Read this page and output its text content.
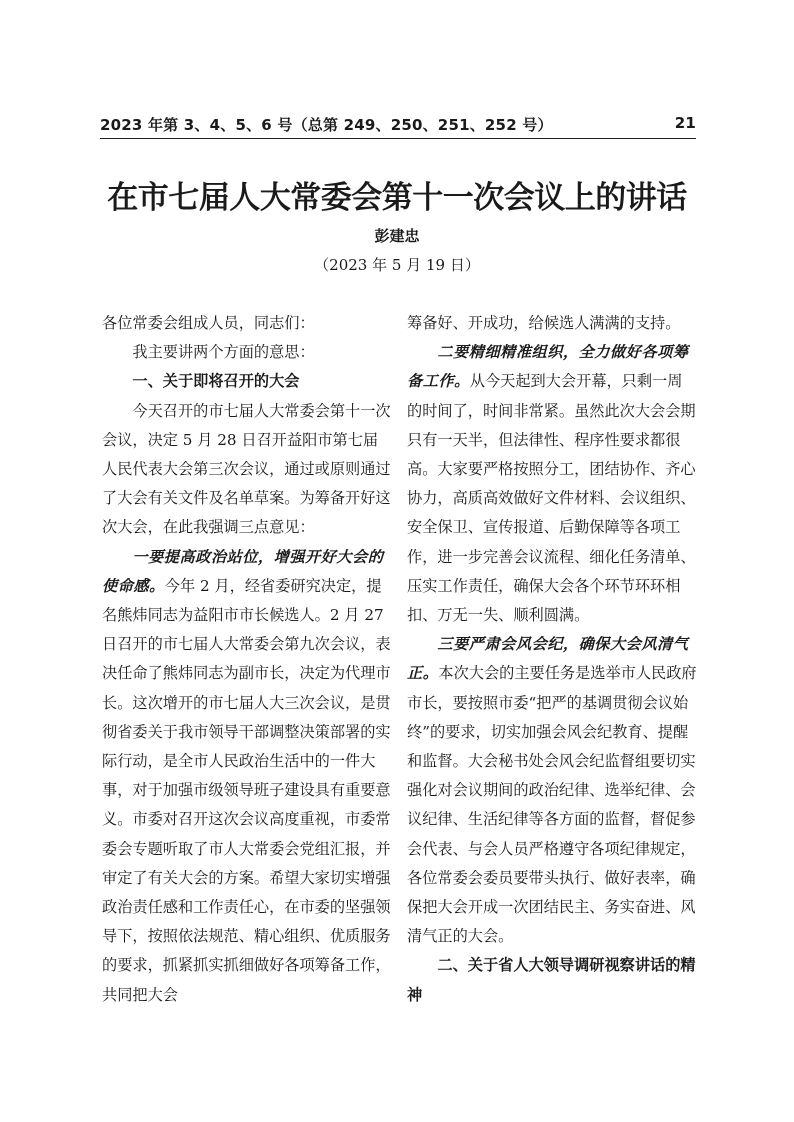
2023 年第 3、4、5、6 号（总第 249、250、251、252 号）	21
在市七届人大常委会第十一次会议上的讲话
彭建忠
（2023 年 5 月 19 日）

各位常委会组成人员，同志们：

我主要讲两个方面的意思：

一、关于即将召开的大会

今天召开的市七届人大常委会第十一次会议，决定 5 月 28 日召开益阳市第七届人民代表大会第三次会议，通过或原则通过了大会有关文件及名单草案。为筹备开好这次大会，在此我强调三点意见：

一要提高政治站位，增强开好大会的使命感。今年 2 月，经省委研究决定，提名熊炜同志为益阳市市长候选人。2 月 27 日召开的市七届人大常委会第九次会议，表决任命了熊炜同志为副市长，决定为代理市长。这次增开的市七届人大三次会议，是贯彻省委关于我市领导干部调整决策部署的实际行动，是全市人民政治生活中的一件大事，对于加强市级领导班子建设具有重要意义。市委对召开这次会议高度重视，市委常委会专题听取了市人大常委会党组汇报，并审定了有关大会的方案。希望大家切实增强政治责任感和工作责任心，在市委的坚强领导下，按照依法规范、精心组织、优质服务的要求，抓紧抓实抓细做好各项筹备工作，共同把大会

筹备好、开成功，给候选人满满的支持。

二要精细精准组织，全力做好各项筹备工作。从今天起到大会开幕，只剩一周的时间了，时间非常紧。虽然此次大会会期只有一天半，但法律性、程序性要求都很高。大家要严格按照分工，团结协作、齐心协力，高质高效做好文件材料、会议组织、安全保卫、宣传报道、后勤保障等各项工作，进一步完善会议流程、细化任务清单、压实工作责任，确保大会各个环节环环相扣、万无一失、顺利圆满。

三要严肃会风会纪，确保大会风清气正。本次大会的主要任务是选举市人民政府市长，要按照市委“把严的基调贯彻会议始终”的要求，切实加强会风会纪教育、提醒和监督。大会秘书处会风会纪监督组要切实强化对会议期间的政治纪律、选举纪律、会议纪律、生活纪律等各方面的监督，督促参会代表、与会人员严格遵守各项纪律规定，各位常委会委员要带头执行、做好表率，确保把大会开成一次团结民主、务实奋进、风清气正的大会。

二、关于省人大领导调研视察讲话的精神
